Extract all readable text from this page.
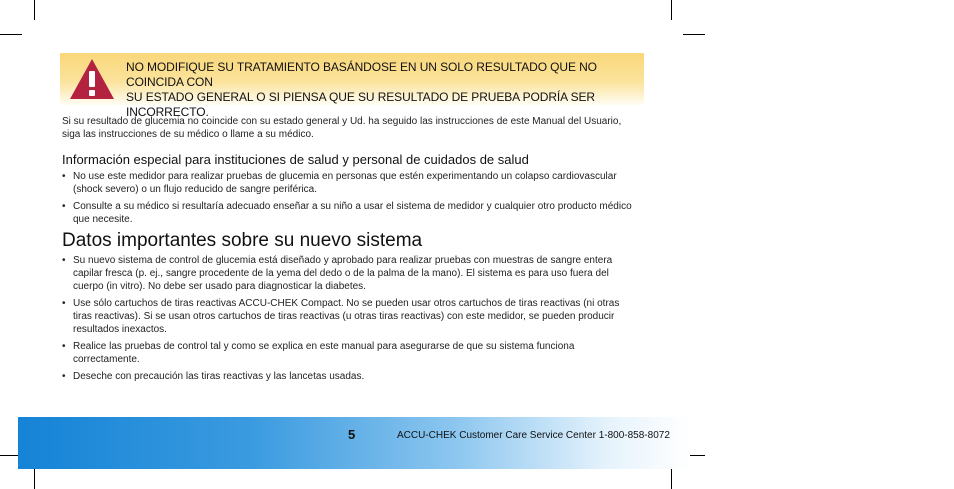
NO MODIFIQUE SU TRATAMIENTO BASÁNDOSE EN UN SOLO RESULTADO QUE NO COINCIDA CON
SU ESTADO GENERAL O SI PIENSA QUE SU RESULTADO DE PRUEBA PODRÍA SER INCORRECTO.
Si su resultado de glucemia no coincide con su estado general y Ud. ha seguido las instrucciones de este Manual del Usuario,
siga las instrucciones de su médico o llame a su médico.
Información especial para instituciones de salud y personal de cuidados de salud
• No use este medidor para realizar pruebas de glucemia en personas que estén experimentando un colapso cardiovascular
(shock severo) o un flujo reducido de sangre periférica.
• Consulte a su médico si resultaría adecuado enseñar a su niño a usar el sistema de medidor y cualquier otro producto médico
que necesite.
Datos importantes sobre su nuevo sistema
• Su nuevo sistema de control de glucemia está diseñado y aprobado para realizar pruebas con muestras de sangre entera
capilar fresca (p. ej., sangre procedente de la yema del dedo o de la palma de la mano). El sistema es para uso fuera del
cuerpo (in vitro). No debe ser usado para diagnosticar la diabetes.
• Use sólo cartuchos de tiras reactivas ACCU-CHEK Compact. No se pueden usar otros cartuchos de tiras reactivas (ni otras
tiras reactivas). Si se usan otros cartuchos de tiras reactivas (u otras tiras reactivas) con este medidor, se pueden producir
resultados inexactos.
• Realice las pruebas de control tal y como se explica en este manual para asegurarse de que su sistema funciona
correctamente.
• Deseche con precaución las tiras reactivas y las lancetas usadas.
5	ACCU-CHEK Customer Care Service Center 1-800-858-8072
